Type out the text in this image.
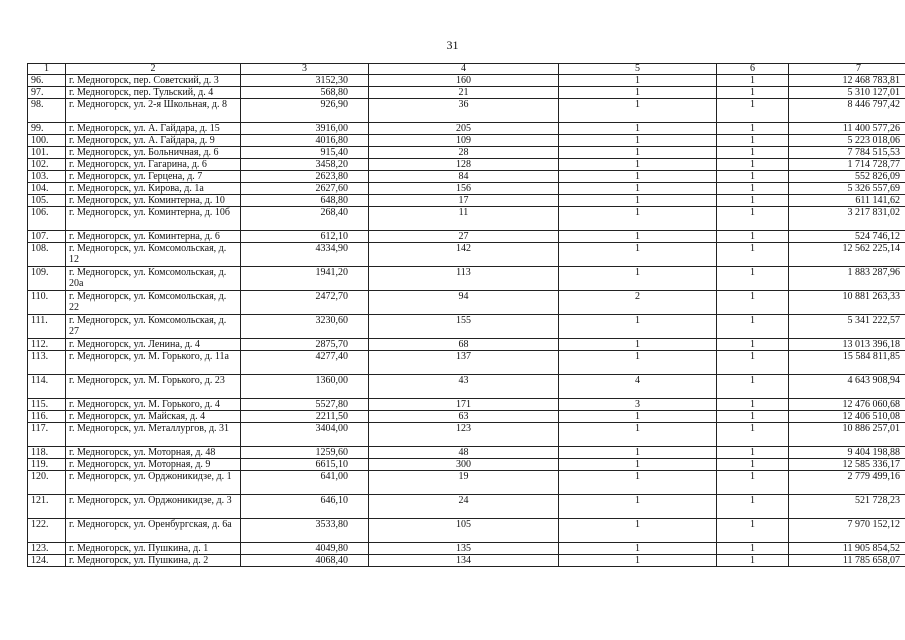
31
1	2	3	4	5	6	7
96.	г. Медногорск, пер. Советский, д. 3	3152,30	160	1	1	12 468 783,81
97.	г. Медногорск, пер. Тульский, д. 4	568,80	21	1	1	5 310 127,01
98.	г. Медногорск, ул. 2-я Школьная, д. 8	926,90	36	1	1	8 446 797,42
99.	г. Медногорск, ул. А. Гайдара, д. 15	3916,00	205	1	1	11 400 577,26
100.	г. Медногорск, ул. А. Гайдара, д. 9	4016,80	109	1	1	5 223 018,06
101.	г. Медногорск, ул. Больничная, д. 6	915,40	28	1	1	7 784 515,53
102.	г. Медногорск, ул. Гагарина, д. 6	3458,20	128	1	1	1 714 728,77
103.	г. Медногорск, ул. Герцена, д. 7	2623,80	84	1	1	552 826,09
104.	г. Медногорск, ул. Кирова, д. 1а	2627,60	156	1	1	5 326 557,69
105.	г. Медногорск, ул. Коминтерна, д. 10	648,80	17	1	1	611 141,62
106.	г. Медногорск, ул. Коминтерна, д. 10б	268,40	11	1	1	3 217 831,02
107.	г. Медногорск, ул. Коминтерна, д. 6	612,10	27	1	1	524 746,12
108.	г. Медногорск, ул. Комсомольская, д. 12	4334,90	142	1	1	12 562 225,14
109.	г. Медногорск, ул. Комсомольская, д. 20а	1941,20	113	1	1	1 883 287,96
110.	г. Медногорск, ул. Комсомольская, д. 22	2472,70	94	2	1	10 881 263,33
111.	г. Медногорск, ул. Комсомольская, д. 27	3230,60	155	1	1	5 341 222,57
112.	г. Медногорск, ул. Ленина, д. 4	2875,70	68	1	1	13 013 396,18
113.	г. Медногорск, ул. М. Горького, д. 11а	4277,40	137	1	1	15 584 811,85
114.	г. Медногорск, ул. М. Горького, д. 23	1360,00	43	4	1	4 643 908,94
115.	г. Медногорск, ул. М. Горького, д. 4	5527,80	171	3	1	12 476 060,68
116.	г. Медногорск, ул. Майская, д. 4	2211,50	63	1	1	12 406 510,08
117.	г. Медногорск, ул. Металлургов, д. 31	3404,00	123	1	1	10 886 257,01
118.	г. Медногорск, ул. Моторная, д. 48	1259,60	48	1	1	9 404 198,88
119.	г. Медногорск, ул. Моторная, д. 9	6615,10	300	1	1	12 585 336,17
120.	г. Медногорск, ул. Орджоникидзе, д. 1	641,00	19	1	1	2 779 499,16
121.	г. Медногорск, ул. Орджоникидзе, д. 3	646,10	24	1	1	521 728,23
122.	г. Медногорск, ул. Оренбургская, д. 6а	3533,80	105	1	1	7 970 152,12
123.	г. Медногорск, ул. Пушкина, д. 1	4049,80	135	1	1	11 905 854,52
124.	г. Медногорск, ул. Пушкина, д. 2	4068,40	134	1	1	11 785 658,07
